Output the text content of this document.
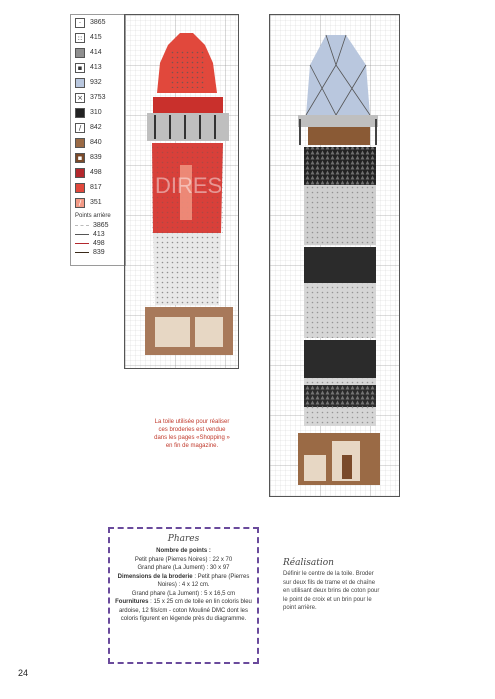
·	3865
::	415
414
▪	413
932
× 3753
310
/	842
840
▪	839
498
817
/	351
Points arrière
3865
413
498
839
DIRES
La toile utilisée pour réaliser ces broderies est vendue dans les pages «Shopping » en fin de magazine.
Phares
Nombre de points :
Petit phare (Pierres Noires) : 22 x 70
Grand phare (La Jument) : 30 x 97
Dimensions de la broderie : Petit phare (Pierres Noires) : 4 x 12 cm.
Grand phare (La Jument) : 5 x 16,5 cm
Fournitures : 15 x 25 cm de toile en lin coloris bleu ardoise, 12 fils/cm - coton Mouliné DMC dont les coloris figurent en légende près du diagramme.
Réalisation
Définir le centre de la toile. Broder sur deux fils de trame et de chaîne en utilisant deux brins de coton pour le point de croix et un brin pour le point arrière.
24
